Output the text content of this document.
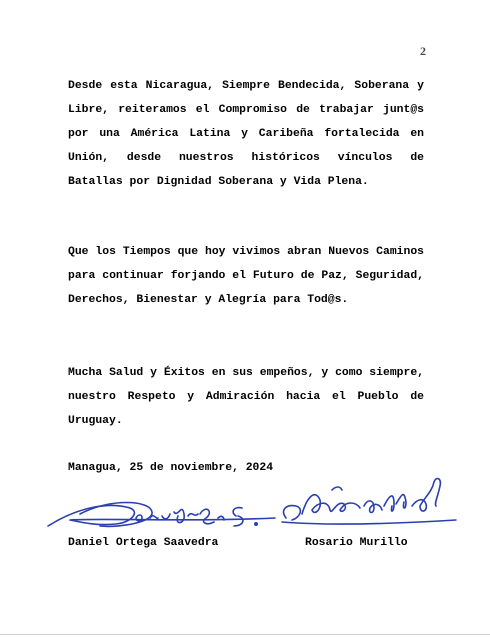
2
Desde esta Nicaragua, Siempre Bendecida, Soberana y Libre, reiteramos el Compromiso de trabajar junt@s por una América Latina y Caribeña fortalecida en Unión, desde nuestros históricos vínculos de Batallas por Dignidad Soberana y Vida Plena.
Que los Tiempos que hoy vivimos abran Nuevos Caminos para continuar forjando el Futuro de Paz, Seguridad, Derechos, Bienestar y Alegría para Tod@s.
Mucha Salud y Éxitos en sus empeños, y como siempre, nuestro Respeto y Admiración hacia el Pueblo de Uruguay.
Managua, 25 de noviembre, 2024
Daniel Ortega Saavedra	Rosario Murillo
